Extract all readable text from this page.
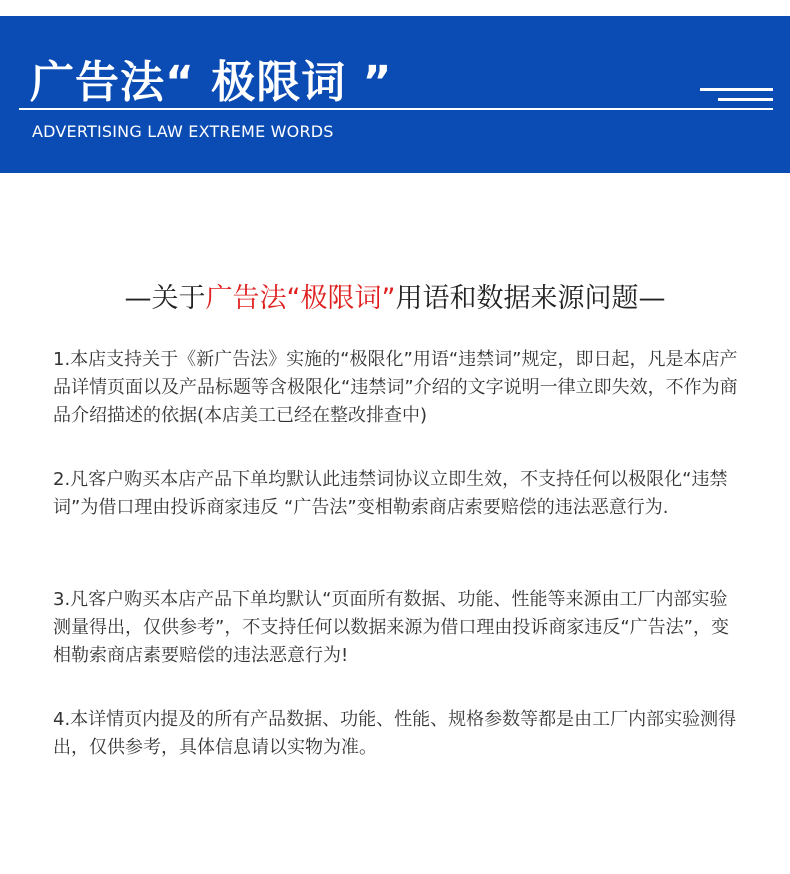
广告法“ 极限词 ”
ADVERTISING LAW EXTREME WORDS
—关于广告法“极限词”用语和数据来源问题—

1.本店支持关于《新广告法》实施的“极限化”用语“违禁词”规定，即日起，凡是本店产品详情页面以及产品标题等含极限化“违禁词”介绍的文字说明一律立即失效，不作为商品介绍描述的依据(本店美工已经在整改排查中)

2.凡客户购买本店产品下单均默认此违禁词协议立即生效，不支持任何以极限化“违禁词”为借口理由投诉商家违反 “广告法”变相勒索商店索要赔偿的违法恶意行为.

3.凡客户购买本店产品下单均默认“页面所有数据、功能、性能等来源由工厂内部实验测量得出，仅供参考”，不支持任何以数据来源为借口理由投诉商家违反“广告法”，变相勒索商店素要赔偿的违法恶意行为!

4.本详情页内提及的所有产品数据、功能、性能、规格参数等都是由工厂内部实验测得出，仅供参考，具体信息请以实物为准。
